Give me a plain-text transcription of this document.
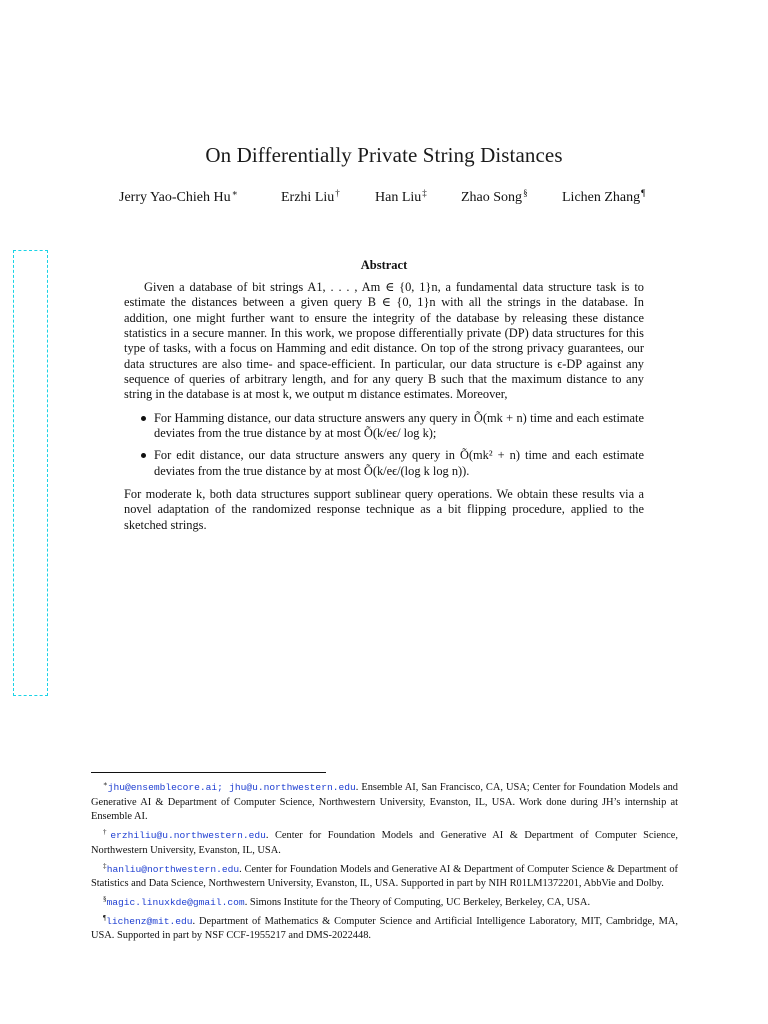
On Differentially Private String Distances
Jerry Yao-Chieh Hu∗	Erzhi Liu†	Han Liu‡ Zhao Song§ Lichen Zhang¶
Abstract

Given a database of bit strings A1, . . . , Am ∈ {0, 1}n, a fundamental data structure task is to estimate the distances between a given query B ∈ {0, 1}n with all the strings in the database. In addition, one might further want to ensure the integrity of the database by releasing these distance statistics in a secure manner. In this work, we propose differentially private (DP) data structures for this type of tasks, with a focus on Hamming and edit distance. On top of the strong privacy guarantees, our data structures are also time- and space-efficient. In particular, our data structure is ϵ-DP against any sequence of queries of arbitrary length, and for any query B such that the maximum distance to any string in the database is at most k, we output m distance estimates. Moreover,

For Hamming distance, our data structure answers any query in Õ(mk + n) time and each estimate deviates from the true distance by at most Õ(k/eϵ/ log k);
For edit distance, our data structure answers any query in Õ(mk² + n) time and each estimate deviates from the true distance by at most Õ(k/eϵ/(log k log n)).

For moderate k, both data structures support sublinear query operations. We obtain these results via a novel adaptation of the randomized response technique as a bit flipping procedure, applied to the sketched strings.

∗jhu@ensemblecore.ai; jhu@u.northwestern.edu. Ensemble AI, San Francisco, CA, USA; Center for Foundation Models and Generative AI & Department of Computer Science, Northwestern University, Evanston, IL, USA. Work done during JH’s internship at Ensemble AI.

†erzhiliu@u.northwestern.edu. Center for Foundation Models and Generative AI & Department of Computer Science, Northwestern University, Evanston, IL, USA.

‡hanliu@northwestern.edu. Center for Foundation Models and Generative AI & Department of Computer Science & Department of Statistics and Data Science, Northwestern University, Evanston, IL, USA. Supported in part by NIH R01LM1372201, AbbVie and Dolby.

§magic.linuxkde@gmail.com. Simons Institute for the Theory of Computing, UC Berkeley, Berkeley, CA, USA.

¶lichenz@mit.edu. Department of Mathematics & Computer Science and Artificial Intelligence Laboratory, MIT, Cambridge, MA, USA. Supported in part by NSF CCF-1955217 and DMS-2022448.
